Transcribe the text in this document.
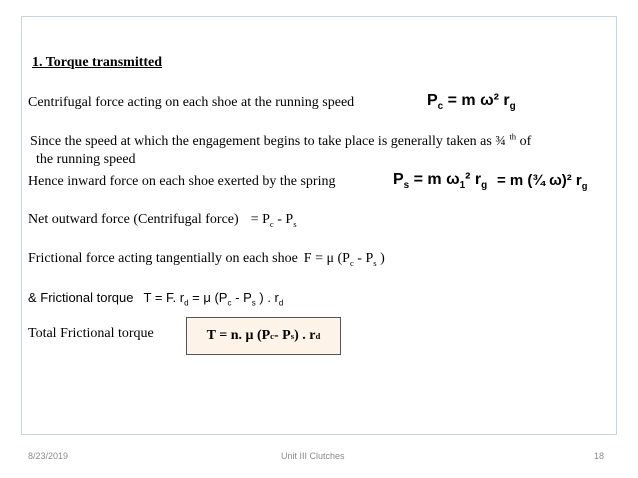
1. Torque transmitted
Centrifugal force acting on each shoe at the running speed	$P_c = m$ ω² $r_g$
Since the speed at which the engagement begins to take place is generally taken as ¾ $^{th}$ of
the running speed
Hence inward force on each shoe exerted by the spring	$P_s = m$ $\omega_1^2$ $r_g = m$ (¾ ω)² $r_g$
Net outward force (Centrifugal force) = $P_c - P_s$
Frictional force acting tangentially on each shoe F = μ ($P_c - P_s$ )
& Frictional torque T = F. $r_d = \mu$ ($P_c - P_s$ ) . $r_d$
Total Frictional torque	T = n. μ (P c - P s ) . r d
8/23/2019	Unit III Clutches	18
